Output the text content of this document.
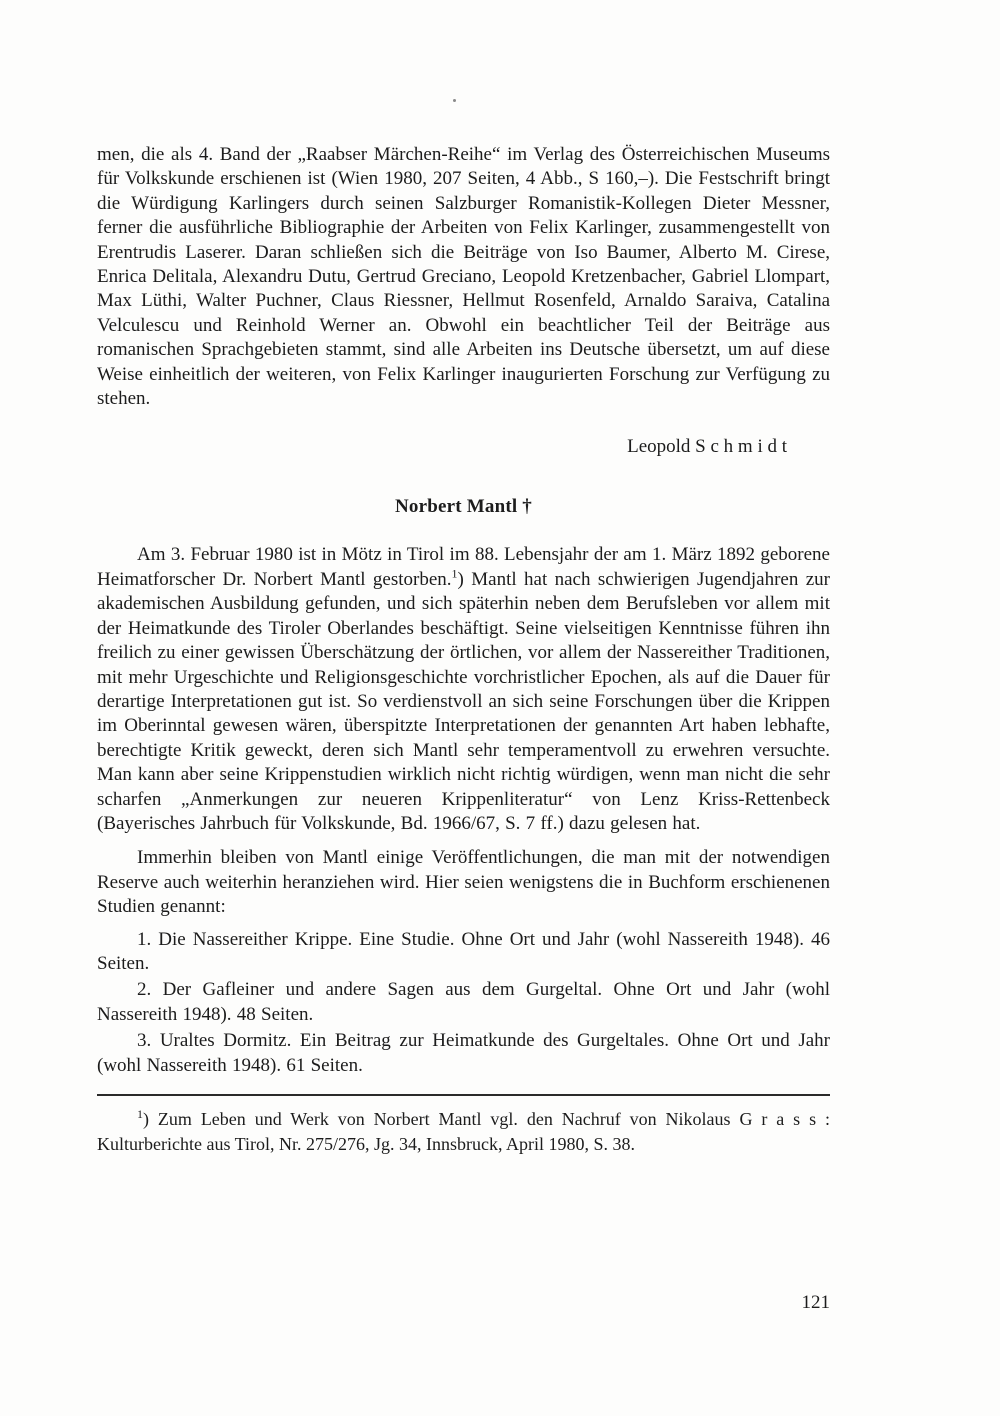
men, die als 4. Band der „Raabser Märchen-Reihe“ im Verlag des Österreichischen Museums für Volkskunde erschienen ist (Wien 1980, 207 Seiten, 4 Abb., S 160,–). Die Festschrift bringt die Würdigung Karlingers durch seinen Salzburger Romanistik-Kollegen Dieter Messner, ferner die ausführliche Bibliographie der Arbeiten von Felix Karlinger, zusammengestellt von Erentrudis Laserer. Daran schließen sich die Beiträge von Iso Baumer, Alberto M. Cirese, Enrica Delitala, Alexandru Dutu, Gertrud Greciano, Leopold Kretzenbacher, Gabriel Llompart, Max Lüthi, Walter Puchner, Claus Riessner, Hellmut Rosenfeld, Arnaldo Saraiva, Catalina Velculescu und Reinhold Werner an. Obwohl ein beachtlicher Teil der Beiträge aus romanischen Sprachgebieten stammt, sind alle Arbeiten ins Deutsche übersetzt, um auf diese Weise einheitlich der weiteren, von Felix Karlinger inaugurierten Forschung zur Verfügung zu stehen.

Leopold S c h m i d t

Norbert Mantl †

Am 3. Februar 1980 ist in Mötz in Tirol im 88. Lebensjahr der am 1. März 1892 geborene Heimatforscher Dr. Norbert Mantl gestorben.$^1$) Mantl hat nach schwierigen Jugendjahren zur akademischen Ausbildung gefunden, und sich späterhin neben dem Berufsleben vor allem mit der Heimatkunde des Tiroler Oberlandes beschäftigt. Seine vielseitigen Kenntnisse führen ihn freilich zu einer gewissen Überschätzung der örtlichen, vor allem der Nassereither Traditionen, mit mehr Urgeschichte und Religionsgeschichte vorchristlicher Epochen, als auf die Dauer für derartige Interpretationen gut ist. So verdienstvoll an sich seine Forschungen über die Krippen im Oberinntal gewesen wären, überspitzte Interpretationen der genannten Art haben lebhafte, berechtigte Kritik geweckt, deren sich Mantl sehr temperamentvoll zu erwehren versuchte. Man kann aber seine Krippenstudien wirklich nicht richtig würdigen, wenn man nicht die sehr scharfen „Anmerkungen zur neueren Krippenliteratur“ von Lenz Kriss-Rettenbeck (Bayerisches Jahrbuch für Volkskunde, Bd. 1966/67, S. 7 ff.) dazu gelesen hat.

Immerhin bleiben von Mantl einige Veröffentlichungen, die man mit der notwendigen Reserve auch weiterhin heranziehen wird. Hier seien wenigstens die in Buchform erschienenen Studien genannt:

1. Die Nassereither Krippe. Eine Studie. Ohne Ort und Jahr (wohl Nassereith 1948). 46 Seiten.

2. Der Gafleiner und andere Sagen aus dem Gurgeltal. Ohne Ort und Jahr (wohl Nassereith 1948). 48 Seiten.

3. Uraltes Dormitz. Ein Beitrag zur Heimatkunde des Gurgeltales. Ohne Ort und Jahr (wohl Nassereith 1948). 61 Seiten.

$^1$) Zum Leben und Werk von Norbert Mantl vgl. den Nachruf von Nikolaus G r a s s : Kulturberichte aus Tirol, Nr. 275/276, Jg. 34, Innsbruck, April 1980, S. 38.

121
